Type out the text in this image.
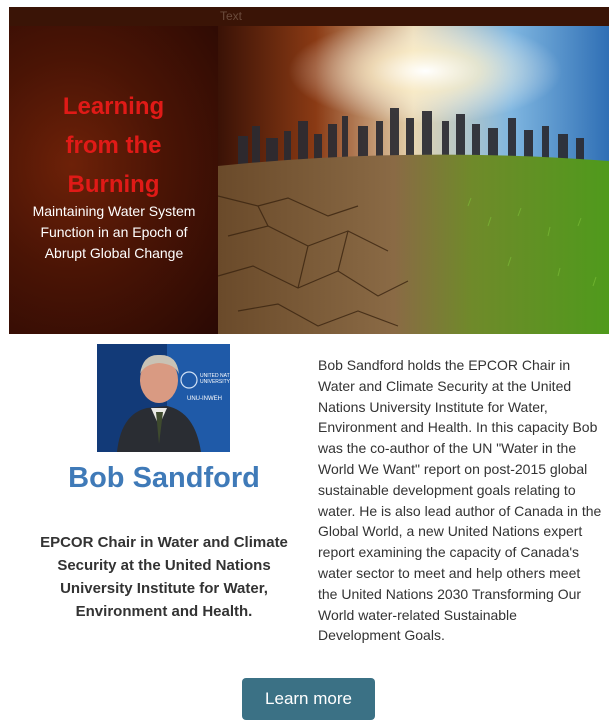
Text
Learning
from the
Burning
Maintaining Water System Function in an Epoch of Abrupt Global Change
UNITED NATIONS
UNIVERSITY
UNU-INWEH
Bob Sandford
EPCOR Chair in Water and Climate Security at the United Nations University Institute for Water, Environment and Health.
Bob Sandford holds the EPCOR Chair in Water and Climate Security at the United Nations University Institute for Water, Environment and Health. In this capacity Bob was the co-author of the UN "Water in the World We Want" report on post-2015 global sustainable development goals relating to water. He is also lead author of Canada in the Global World, a new United Nations expert report examining the capacity of Canada's water sector to meet and help others meet the United Nations 2030 Transforming Our World water-related Sustainable Development Goals.
Learn more
